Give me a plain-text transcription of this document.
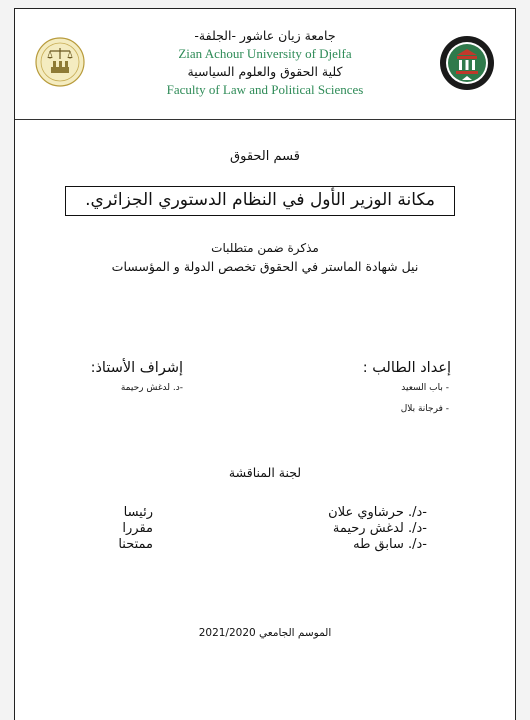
جامعة زيان عاشور -الجلفة-
Zian Achour University of Djelfa
كلية الحقوق والعلوم السياسية
Faculty of Law and Political Sciences
قسم الحقوق
مكانة الوزير الأول في النظام الدستوري الجزائري.
مذكرة ضمن متطلبات
نيل شهادة الماستر في الحقوق تخصص الدولة و المؤسسات
إعداد الطالب :
- باب السعيد
- فرجانة بلال
إشراف الأستاذ:
-د. لدغش رحيمة
لجنة المناقشة
-د/. حرشاوي علان
رئيسا
-د/. لدغش رحيمة
مقررا
-د/. سابق طه
ممتحنا
الموسم الجامعي 2021/2020
